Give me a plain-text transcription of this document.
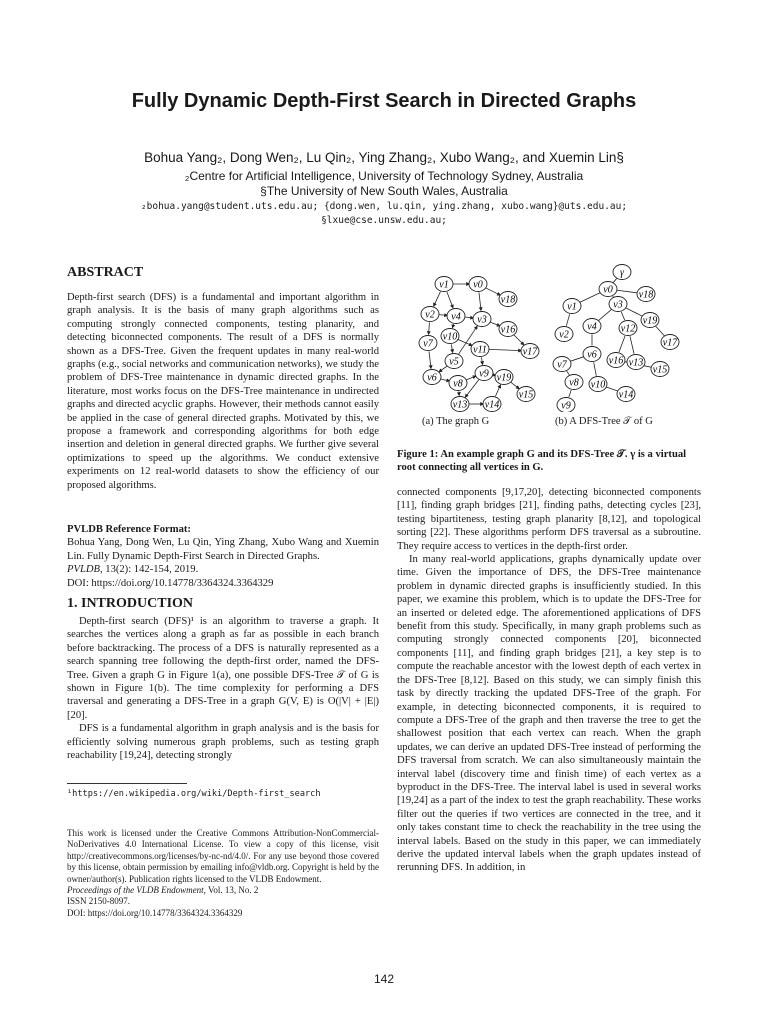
Fully Dynamic Depth-First Search in Directed Graphs
Bohua Yang₂, Dong Wen₂, Lu Qin₂, Ying Zhang₂, Xubo Wang₂, and Xuemin Lin§
₂Centre for Artificial Intelligence, University of Technology Sydney, Australia
§The University of New South Wales, Australia
₂bohua.yang@student.uts.edu.au; {dong.wen, lu.qin, ying.zhang, xubo.wang}@uts.edu.au;
§lxue@cse.unsw.edu.au;
ABSTRACT

Depth-first search (DFS) is a fundamental and important algorithm in graph analysis. It is the basis of many graph algorithms such as computing strongly connected components, testing planarity, and detecting biconnected components. The result of a DFS is normally shown as a DFS-Tree. Given the frequent updates in many real-world graphs (e.g., social networks and communication networks), we study the problem of DFS-Tree maintenance in dynamic directed graphs. In the literature, most works focus on the DFS-Tree maintenance in undirected graphs and directed acyclic graphs. However, their methods cannot easily be applied in the case of general directed graphs. Motivated by this, we propose a framework and corresponding algorithms for both edge insertion and deletion in general directed graphs. We further give several optimizations to speed up the algorithms. We conduct extensive experiments on 12 real-world datasets to show the efficiency of our proposed algorithms.

PVLDB Reference Format:

Bohua Yang, Dong Wen, Lu Qin, Ying Zhang, Xubo Wang and Xuemin Lin. Fully Dynamic Depth-First Search in Directed Graphs.

PVLDB, 13(2): 142-154, 2019.

DOI: https://doi.org/10.14778/3364324.3364329

1. INTRODUCTION

Depth-first search (DFS)¹ is an algorithm to traverse a graph. It searches the vertices along a graph as far as possible in each branch before backtracking. The process of a DFS is naturally represented as a search spanning tree following the depth-first order, named the DFS-Tree. Given a graph G in Figure 1(a), one possible DFS-Tree 𝒯 of G is shown in Figure 1(b). The time complexity for performing a DFS traversal and generating a DFS-Tree in a graph G(V, E) is O(|V| + |E|) [20].

DFS is a fundamental algorithm in graph analysis and is the basis for efficiently solving numerous graph problems, such as testing graph reachability [19,24], detecting strongly

¹https://en.wikipedia.org/wiki/Depth-first_search

This work is licensed under the Creative Commons Attribution-NonCommercial-NoDerivatives 4.0 International License. To view a copy of this license, visit http://creativecommons.org/licenses/by-nc-nd/4.0/. For any use beyond those covered by this license, obtain permission by emailing info@vldb.org. Copyright is held by the owner/author(s). Publication rights licensed to the VLDB Endowment.

Proceedings of the VLDB Endowment, Vol. 13, No. 2

ISSN 2150-8097.

DOI: https://doi.org/10.14778/3364324.3364329

v1 v0
v18
v2 v4 v3
v16
v10
v7
v11
v5
v17
v6
v8
v9 v19
v15
v13 v14
γ
v0	v18
v1	v3
v19
v2
v4 v12
v17
v6
v16 v13
v15
v7
v8 v10
v14
v9
(a) The graph G	(b) A DFS-Tree 𝒯 of G
Figure 1: An example graph G and its DFS-Tree 𝒯. γ is a virtual root connecting all vertices in G.

connected components [9,17,20], detecting biconnected components [11], finding graph bridges [21], finding paths, detecting cycles [23], testing bipartiteness, testing graph planarity [8,12], and topological sorting [22]. These algorithms perform DFS traversal as a subroutine. They require access to vertices in the depth-first order.

In many real-world applications, graphs dynamically update over time. Given the importance of DFS, the DFS-Tree maintenance problem in dynamic directed graphs is insufficiently studied. In this paper, we examine this problem, which is to update the DFS-Tree for an inserted or deleted edge. The aforementioned applications of DFS benefit from this study. Specifically, in many graph problems such as computing strongly connected components [20], biconnected components [11], and finding graph bridges [21], a key step is to compute the reachable ancestor with the lowest depth of each vertex in the DFS-Tree [8,12]. Based on this study, we can simply finish this task by directly tracking the updated DFS-Tree of the graph. For example, in detecting biconnected components, it is required to compute a DFS-Tree of the graph and then traverse the tree to get the shallowest position that each vertex can reach. When the graph updates, we can derive an updated DFS-Tree instead of performing the DFS traversal from scratch. We can also simultaneously maintain the interval label (discovery time and finish time) of each vertex as a byproduct in the DFS-Tree. The interval label is used in several works [19,24] as a part of the index to test the graph reachability. These works filter out the queries if two vertices are connected in the tree, and it only takes constant time to check the reachability in the tree using the interval labels. Based on the study in this paper, we can immediately derive the updated interval labels when the graph updates instead of rerunning DFS. In addition, in

142
